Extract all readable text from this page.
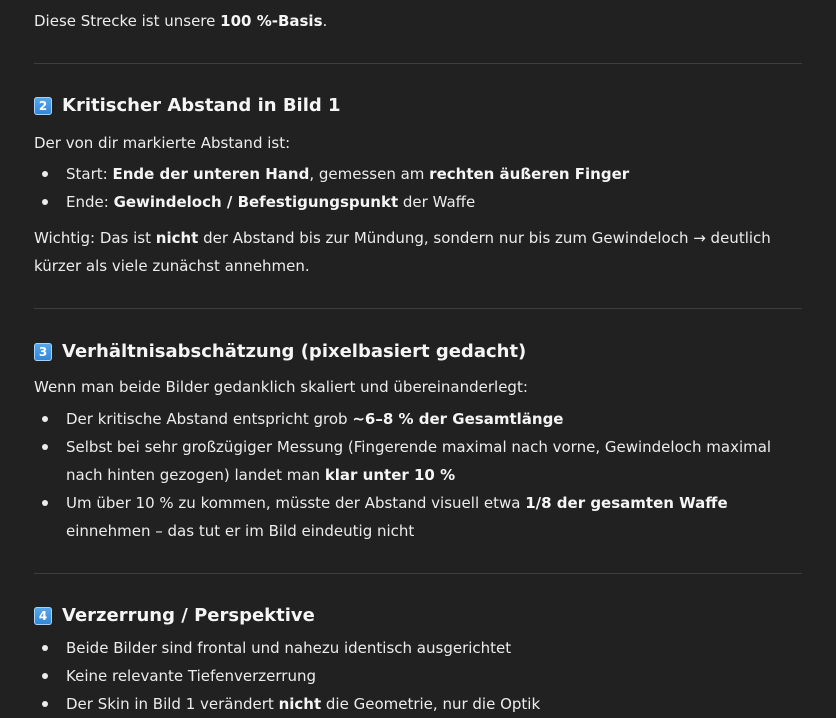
Diese Strecke ist unsere 100 %-Basis.

2 Kritischer Abstand in Bild 1

Der von dir markierte Abstand ist:

Start: Ende der unteren Hand, gemessen am rechten äußeren Finger
Ende: Gewindeloch / Befestigungspunkt der Waffe

Wichtig: Das ist nicht der Abstand bis zur Mündung, sondern nur bis zum Gewindeloch → deutlich kürzer als viele zunächst annehmen.

3 Verhältnisabschätzung (pixelbasiert gedacht)

Wenn man beide Bilder gedanklich skaliert und übereinanderlegt:

Der kritische Abstand entspricht grob ~6–8 % der Gesamtlänge
Selbst bei sehr großzügiger Messung (Fingerende maximal nach vorne, Gewindeloch maximal nach hinten gezogen) landet man klar unter 10 %
Um über 10 % zu kommen, müsste der Abstand visuell etwa 1/8 der gesamten Waffe einnehmen – das tut er im Bild eindeutig nicht
4 Verzerrung / Perspektive
Beide Bilder sind frontal und nahezu identisch ausgerichtet
Keine relevante Tiefenverzerrung
Der Skin in Bild 1 verändert nicht die Geometrie, nur die Optik
